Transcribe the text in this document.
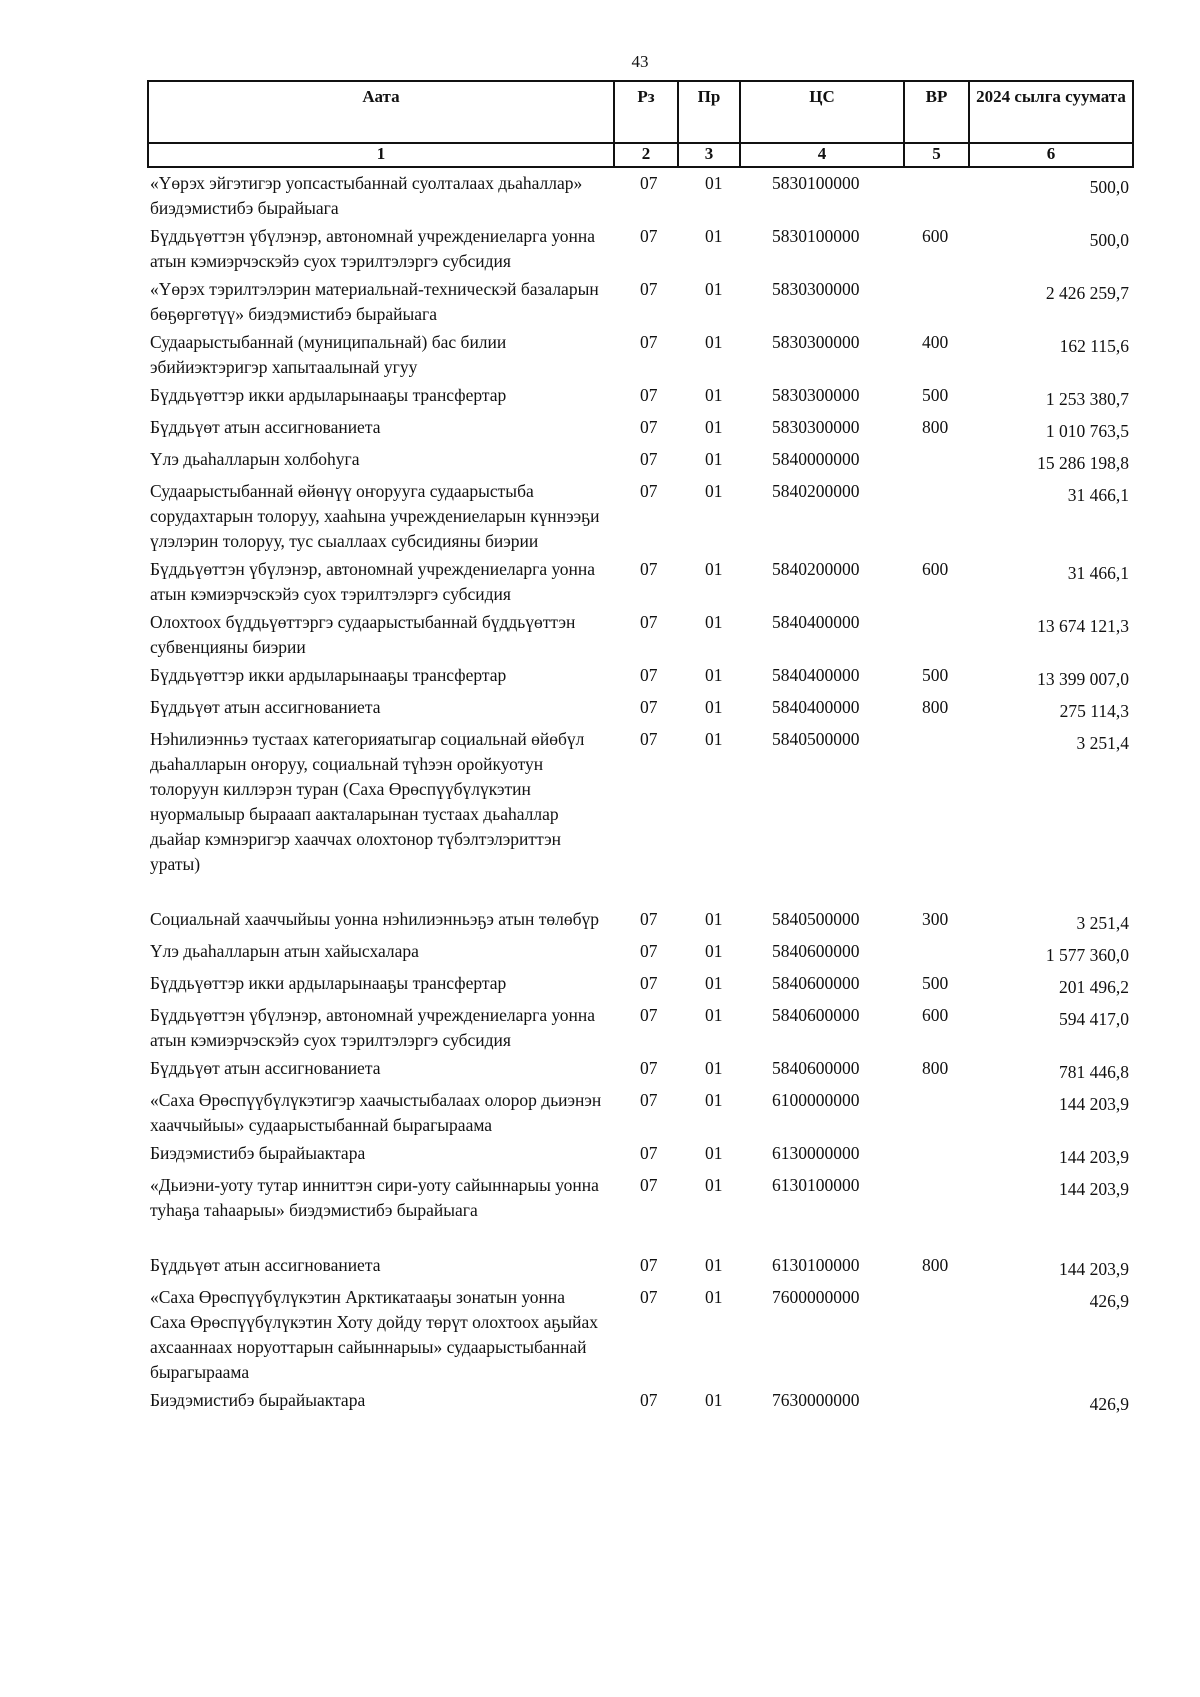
43
Аата	Рз	Пр	ЦС	ВР	2024 сылга суумата
1	2	3	4	5	6
«Үөрэх эйгэтигэр уопсастыбаннай суолталаах дьаһаллар» биэдэмистибэ бырайыага	07	01	5830100000		500,0
Бүддьүөттэн үбүлэнэр, автономнай учреждениеларга уонна атын кэмиэрчэскэйэ суох тэрилтэлэргэ субсидия	07	01	5830100000	600	500,0
«Үөрэх тэрилтэлэрин материальнай-техническэй базаларын бөҕөргөтүү» биэдэмистибэ бырайыага	07	01	5830300000		2 426 259,7
Судаарыстыбаннай (муниципальнай) бас билии эбийиэктэригэр хапытаалынай угуу	07	01	5830300000	400	162 115,6
Бүддьүөттэр икки ардыларынааҕы трансфертар	07	01	5830300000	500	1 253 380,7
Бүддьүөт атын ассигнованиета	07	01	5830300000	800	1 010 763,5
Үлэ дьаһалларын холбоһуга	07	01	5840000000		15 286 198,8
Судаарыстыбаннай өйөнүү оҥорууга судаарыстыба сорудахтарын толоруу, хааһына учреждениеларын күннээҕи үлэлэрин толоруу, тус сыаллаах субсидияны биэрии	07	01	5840200000		31 466,1
Бүддьүөттэн үбүлэнэр, автономнай учреждениеларга уонна атын кэмиэрчэскэйэ суох тэрилтэлэргэ субсидия	07	01	5840200000	600	31 466,1
Олохтоох бүддьүөттэргэ судаарыстыбаннай бүддьүөттэн субвенцияны биэрии	07	01	5840400000		13 674 121,3
Бүддьүөттэр икки ардыларынааҕы трансфертар	07	01	5840400000	500	13 399 007,0
Бүддьүөт атын ассигнованиета	07	01	5840400000	800	275 114,3
Нэһилиэнньэ тустаах категорияатыгар социальнай өйөбүл дьаһалларын оҥоруу, социальнай түһээн оройкуотун толоруун киллэрэн туран (Саха Өрөспүүбүлүкэтин нуормалыыр бырааап аакталарынан тустаах дьаһаллар дьайар кэмнэригэр хааччах олохтонор түбэлтэлэриттэн ураты)	07	01	5840500000		3 251,4
Социальнай хааччыйыы уонна нэһилиэнньэҕэ атын төлөбүр	07	01	5840500000	300	3 251,4
Үлэ дьаһалларын атын хайысхалара	07	01	5840600000		1 577 360,0
Бүддьүөттэр икки ардыларынааҕы трансфертар	07	01	5840600000	500	201 496,2
Бүддьүөттэн үбүлэнэр, автономнай учреждениеларга уонна атын кэмиэрчэскэйэ суох тэрилтэлэргэ субсидия	07	01	5840600000	600	594 417,0
Бүддьүөт атын ассигнованиета	07	01	5840600000	800	781 446,8
«Саха Өрөспүүбүлүкэтигэр хаачыстыбалаах олорор дьиэнэн хааччыйыы» судаарыстыбаннай бырагыраама	07	01	6100000000		144 203,9
Биэдэмистибэ бырайыактара	07	01	6130000000		144 203,9
«Дьиэни-уоту тутар инниттэн сири-уоту сайыннарыы уонна туһаҕа таһаарыы» биэдэмистибэ бырайыага	07	01	6130100000		144 203,9
Бүддьүөт атын ассигнованиета	07	01	6130100000	800	144 203,9
«Саха Өрөспүүбүлүкэтин Арктикатааҕы зонатын уонна Саха Өрөспүүбүлүкэтин Хоту дойду төрүт олохтоох аҕыйах ахсааннаах норуоттарын сайыннарыы» судаарыстыбаннай бырагыраама	07	01	7600000000		426,9
Биэдэмистибэ бырайыактара	07	01	7630000000		426,9
